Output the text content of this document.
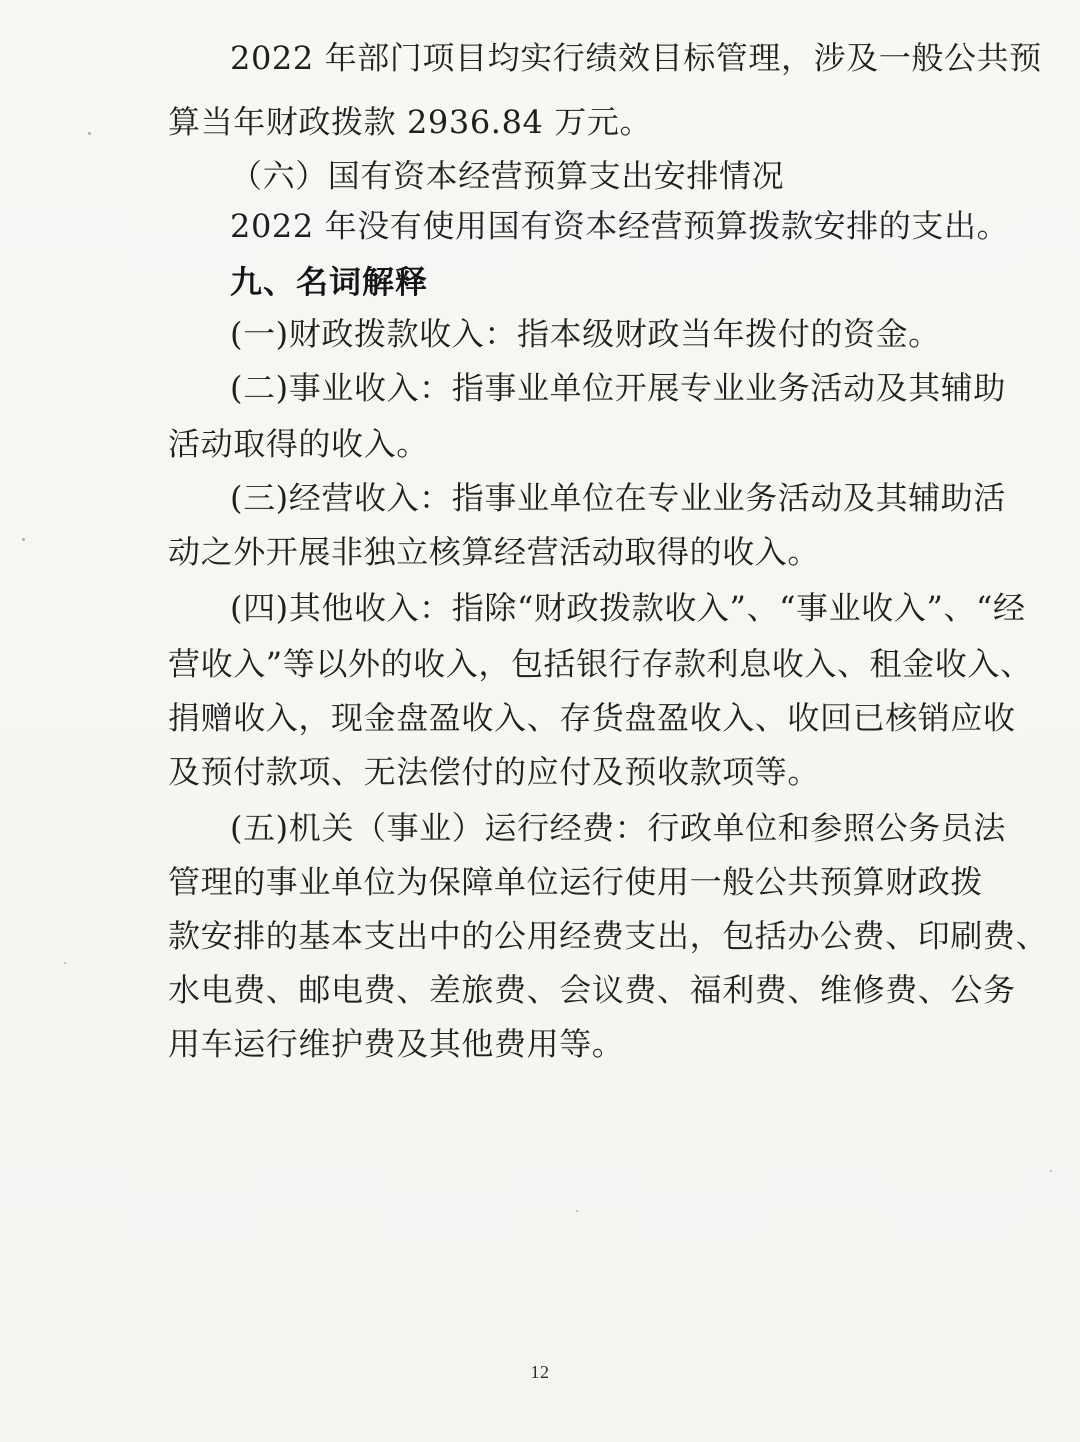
2022 年部门项目均实行绩效目标管理，涉及一般公共预
算当年财政拨款 2936.84 万元。
（六）国有资本经营预算支出安排情况
2022 年没有使用国有资本经营预算拨款安排的支出。
九、名词解释
(一)财政拨款收入：指本级财政当年拨付的资金。
(二)事业收入：指事业单位开展专业业务活动及其辅助
活动取得的收入。
(三)经营收入：指事业单位在专业业务活动及其辅助活
动之外开展非独立核算经营活动取得的收入。
(四)其他收入：指除“财政拨款收入”、“事业收入”、“经
营收入”等以外的收入，包括银行存款利息收入、租金收入、
捐赠收入，现金盘盈收入、存货盘盈收入、收回已核销应收
及预付款项、无法偿付的应付及预收款项等。
(五)机关（事业）运行经费：行政单位和参照公务员法
管理的事业单位为保障单位运行使用一般公共预算财政拨
款安排的基本支出中的公用经费支出，包括办公费、印刷费、
水电费、邮电费、差旅费、会议费、福利费、维修费、公务
用车运行维护费及其他费用等。
12
